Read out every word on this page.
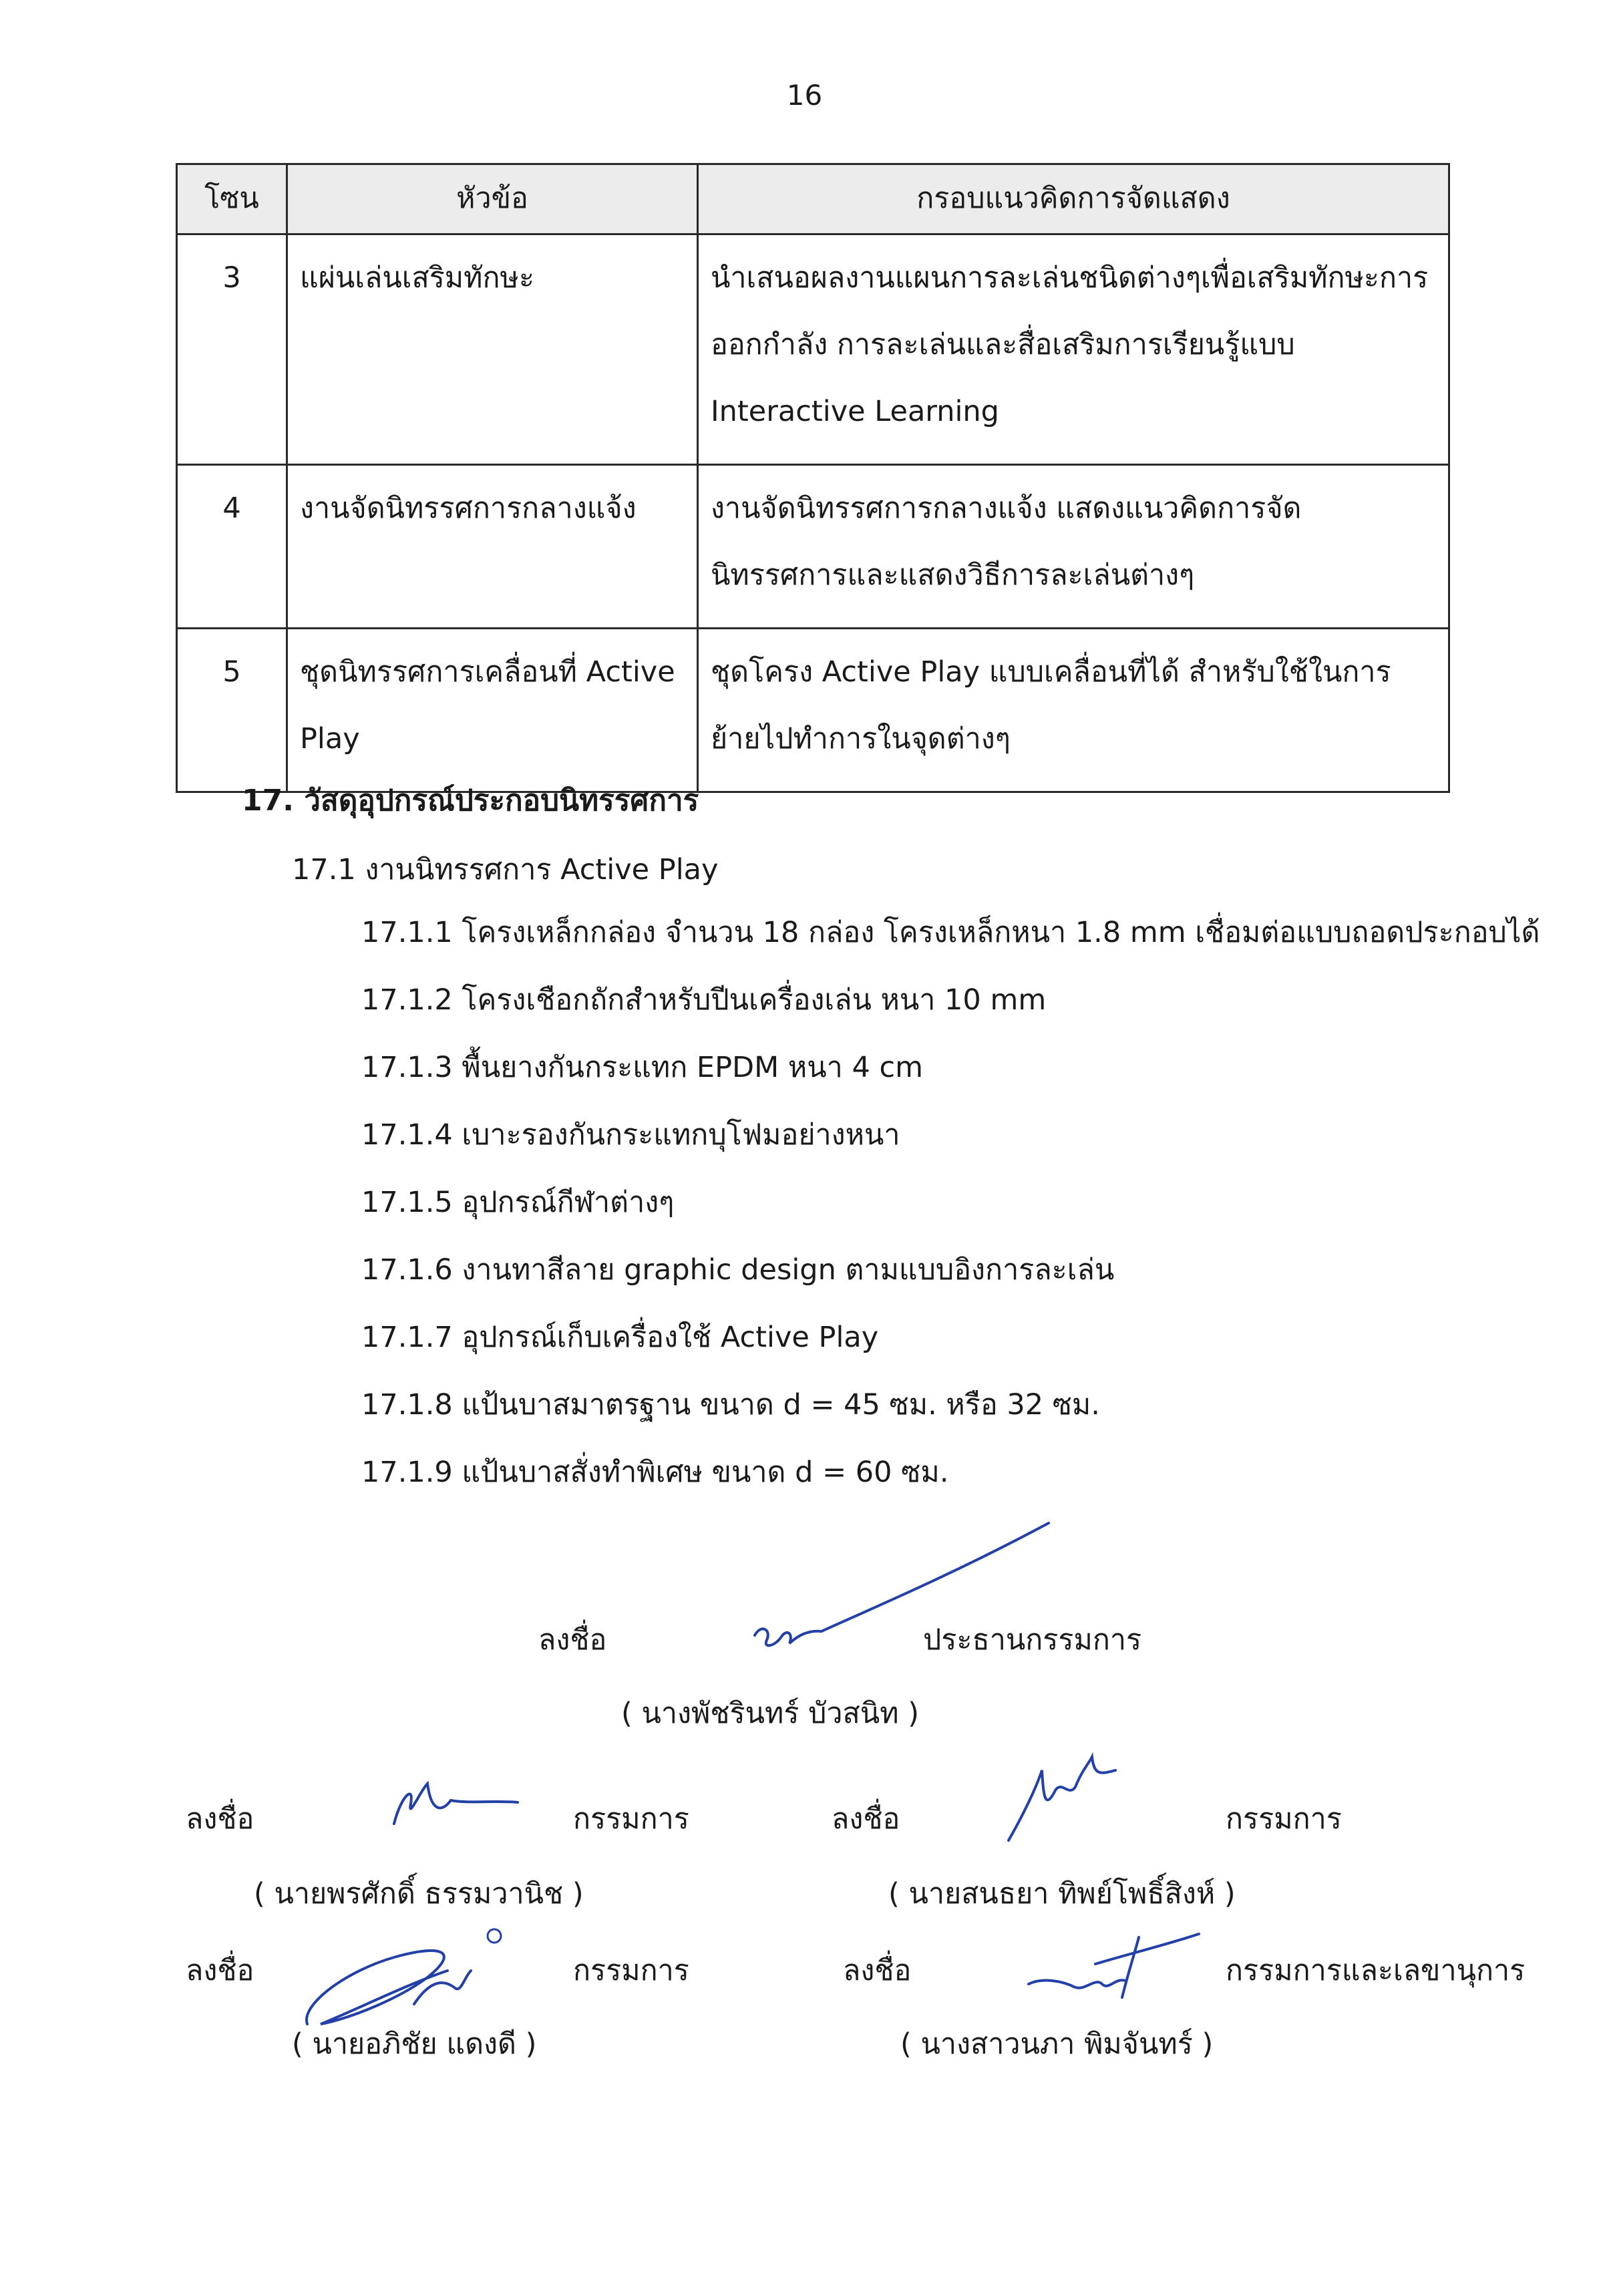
16
โซน	หัวข้อ	กรอบแนวคิดการจัดแสดง
3	แผ่นเล่นเสริมทักษะ	นำเสนอผลงานแผนการละเล่นชนิดต่างๆเพื่อเสริมทักษะการออกกำลัง การละเล่นและสื่อเสริมการเรียนรู้แบบ Interactive Learning
4	งานจัดนิทรรศการกลางแจ้ง	งานจัดนิทรรศการกลางแจ้ง แสดงแนวคิดการจัดนิทรรศการและแสดงวิธีการละเล่นต่างๆ
5	ชุดนิทรรศการเคลื่อนที่ Active Play	ชุดโครง Active Play แบบเคลื่อนที่ได้ สำหรับใช้ในการย้ายไปทำการในจุดต่างๆ
17. วัสดุอุปกรณ์ประกอบนิทรรศการ
17.1 งานนิทรรศการ Active Play
17.1.1 โครงเหล็กกล่อง จำนวน 18 กล่อง โครงเหล็กหนา 1.8 mm เชื่อมต่อแบบถอดประกอบได้
17.1.2 โครงเชือกถักสำหรับปีนเครื่องเล่น หนา 10 mm
17.1.3 พื้นยางกันกระแทก EPDM หนา 4 cm
17.1.4 เบาะรองกันกระแทกบุโฟมอย่างหนา
17.1.5 อุปกรณ์กีฬาต่างๆ
17.1.6 งานทาสีลาย graphic design ตามแบบอิงการละเล่น
17.1.7 อุปกรณ์เก็บเครื่องใช้ Active Play
17.1.8 แป้นบาสมาตรฐาน ขนาด d = 45 ซม. หรือ 32 ซม.
17.1.9 แป้นบาสสั่งทำพิเศษ ขนาด d = 60 ซม.
ลงชื่อ	ประธานกรรมการ
( นางพัชรินทร์ บัวสนิท )
ลงชื่อ	กรรมการ
( นายพรศักดิ์ ธรรมวานิช )
ลงชื่อ	กรรมการ
( นายสนธยา ทิพย์โพธิ์สิงห์ )
ลงชื่อ	กรรมการ
( นายอภิชัย แดงดี )
ลงชื่อ	กรรมการและเลขานุการ
( นางสาวนภา พิมจันทร์ )
